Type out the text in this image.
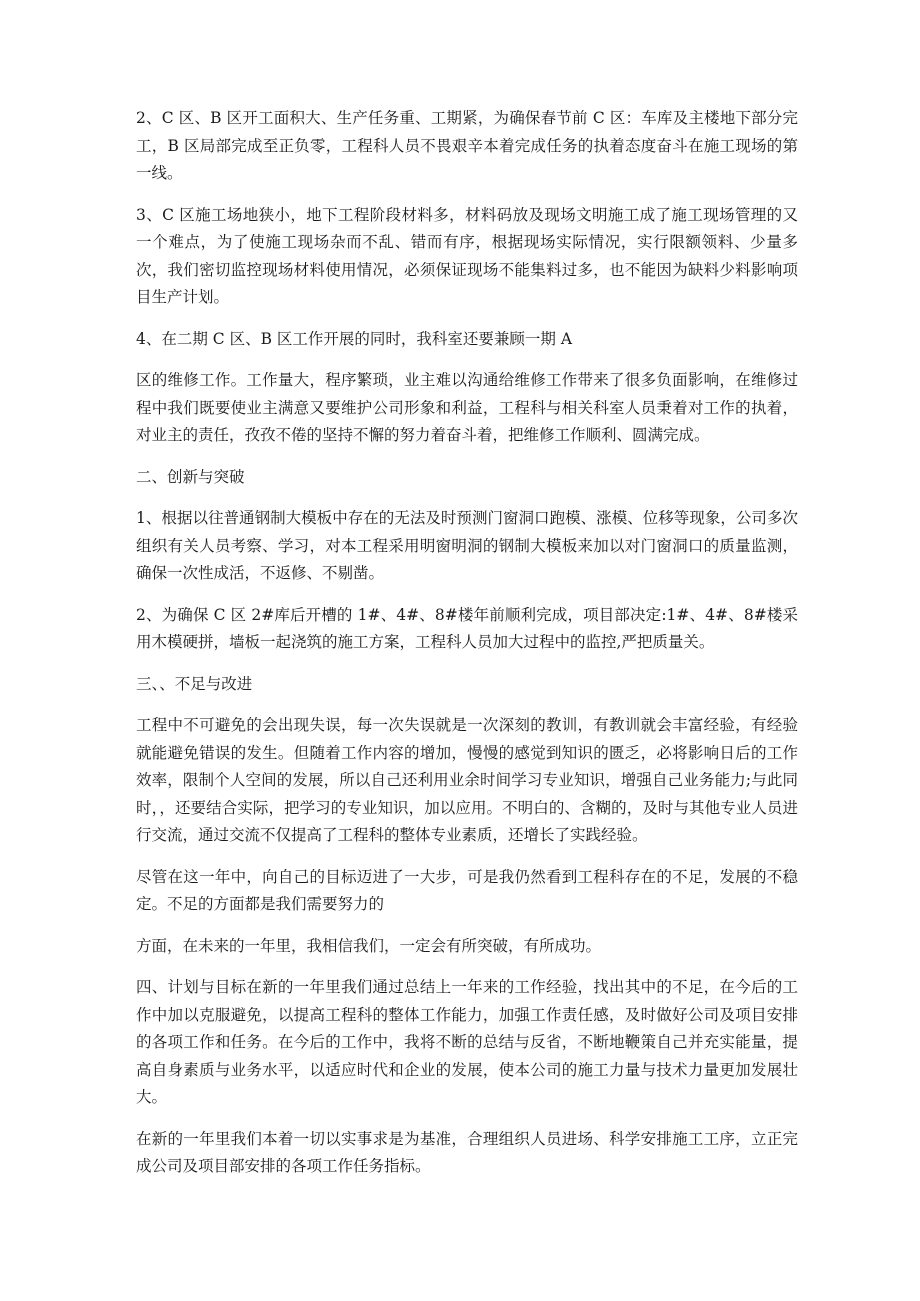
2、C 区、B 区开工面积大、生产任务重、工期紧，为确保春节前 C 区：车库及主楼地下部分完工，B 区局部完成至正负零，工程科人员不畏艰辛本着完成任务的执着态度奋斗在施工现场的第一线。

3、C 区施工场地狭小，地下工程阶段材料多，材料码放及现场文明施工成了施工现场管理的又一个难点，为了使施工现场杂而不乱、错而有序，根据现场实际情况，实行限额领料、少量多次，我们密切监控现场材料使用情况，必须保证现场不能集料过多，也不能因为缺料少料影响项目生产计划。

4、在二期 C 区、B 区工作开展的同时，我科室还要兼顾一期 A

区的维修工作。工作量大，程序繁琐，业主难以沟通给维修工作带来了很多负面影响，在维修过程中我们既要使业主满意又要维护公司形象和利益，工程科与相关科室人员秉着对工作的执着，对业主的责任，孜孜不倦的坚持不懈的努力着奋斗着，把维修工作顺利、圆满完成。

二、创新与突破

1、根据以往普通钢制大模板中存在的无法及时预测门窗洞口跑模、涨模、位移等现象，公司多次组织有关人员考察、学习，对本工程采用明窗明洞的钢制大模板来加以对门窗洞口的质量监测，确保一次性成活，不返修、不剔凿。

2、为确保 C 区 2#库后开槽的 1#、4#、8#楼年前顺利完成，项目部决定:1#、4#、8#楼采用木模硬拼，墙板一起浇筑的施工方案，工程科人员加大过程中的监控,严把质量关。

三、、不足与改进

工程中不可避免的会出现失误，每一次失误就是一次深刻的教训，有教训就会丰富经验，有经验就能避免错误的发生。但随着工作内容的增加，慢慢的感觉到知识的匮乏，必将影响日后的工作效率，限制个人空间的发展，所以自己还利用业余时间学习专业知识，增强自己业务能力;与此同时，，还要结合实际，把学习的专业知识，加以应用。不明白的、含糊的，及时与其他专业人员进行交流，通过交流不仅提高了工程科的整体专业素质，还增长了实践经验。

尽管在这一年中，向自己的目标迈进了一大步，可是我仍然看到工程科存在的不足，发展的不稳定。不足的方面都是我们需要努力的

方面，在未来的一年里，我相信我们，一定会有所突破，有所成功。

四、计划与目标在新的一年里我们通过总结上一年来的工作经验，找出其中的不足，在今后的工作中加以克服避免，以提高工程科的整体工作能力，加强工作责任感，及时做好公司及项目安排的各项工作和任务。在今后的工作中，我将不断的总结与反省，不断地鞭策自己并充实能量，提高自身素质与业务水平，以适应时代和企业的发展，使本公司的施工力量与技术力量更加发展壮大。

在新的一年里我们本着一切以实事求是为基准，合理组织人员进场、科学安排施工工序，立正完成公司及项目部安排的各项工作任务指标。
